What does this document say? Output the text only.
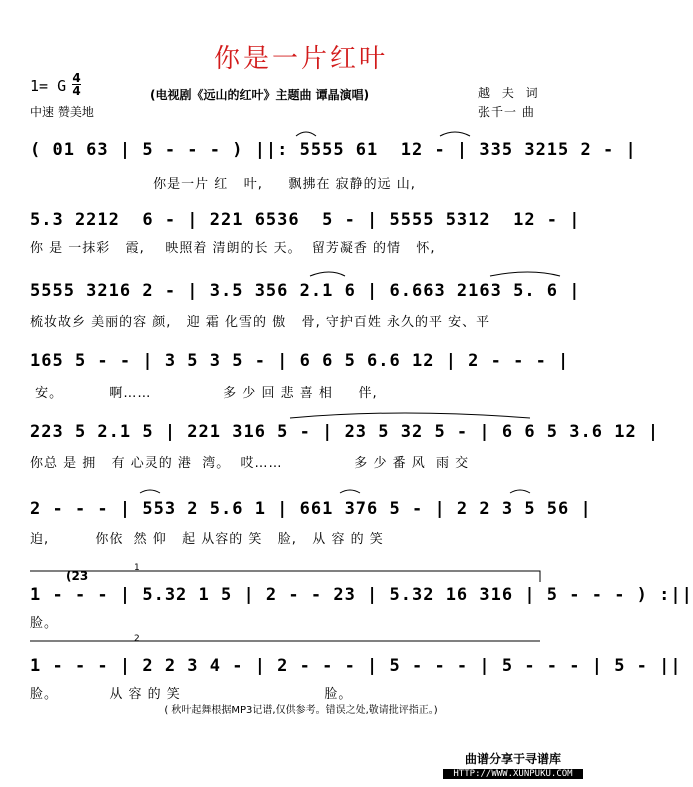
你是一片红叶
1= G 4
4	(电视剧《远山的红叶》主题曲 谭晶演唱)	越 夫 词
中速 赞美地	张千一 曲
( 01 63 | 5 - - - ) ||: 5555 61  12 - | 335 3215 2 - |
你是一片 红   叶,     飘拂在 寂静的远 山,
5.3 2212  6 - | 221 6536  5 - | 5555 5312  12 - |
你 是 一抹彩   霞,    映照着 清朗的长 天。  留芳凝香 的情   怀,
5555 3216 2 - | 3.5 356 2.1 6 | 6.663 2163 5. 6 |
梳妆故乡 美丽的容 颜,   迎 霜 化雪的 傲   骨, 守护百姓 永久的平 安、平
165 5 - - | 3 5 3 5 - | 6 6 5 6.6 12 | 2 - - - |
安。         啊……              多 少 回 悲 喜 相     伴,
223 5 2.1 5 | 221 316 5 - | 23 5 32 5 - | 6 6 5 3.6 12 |
你总 是 拥   有 心灵的 港  湾。  哎……              多 少 番 风  雨 交
2 - - - | 553 2 5.6 1 | 661 376 5 - | 2 2 3 5 56 |
迫,         你依  然 仰   起 从容的 笑   脸,   从 容 的 笑
(23
1 - - - | 5.32 1 5 | 2 - - 23 | 5.32 16 316 | 5 - - - ) :||
脸。
1 - - - | 2 2 3 4 - | 2 - - - | 5 - - - | 5 - - - | 5 - ||
脸。          从 容 的 笑                            脸。
1
2
( 秋叶起舞根据MP3记谱,仅供参考。错误之处,敬请批评指正。)
曲谱分享于寻谱库
HTTP://WWW.XUNPUKU.COM
